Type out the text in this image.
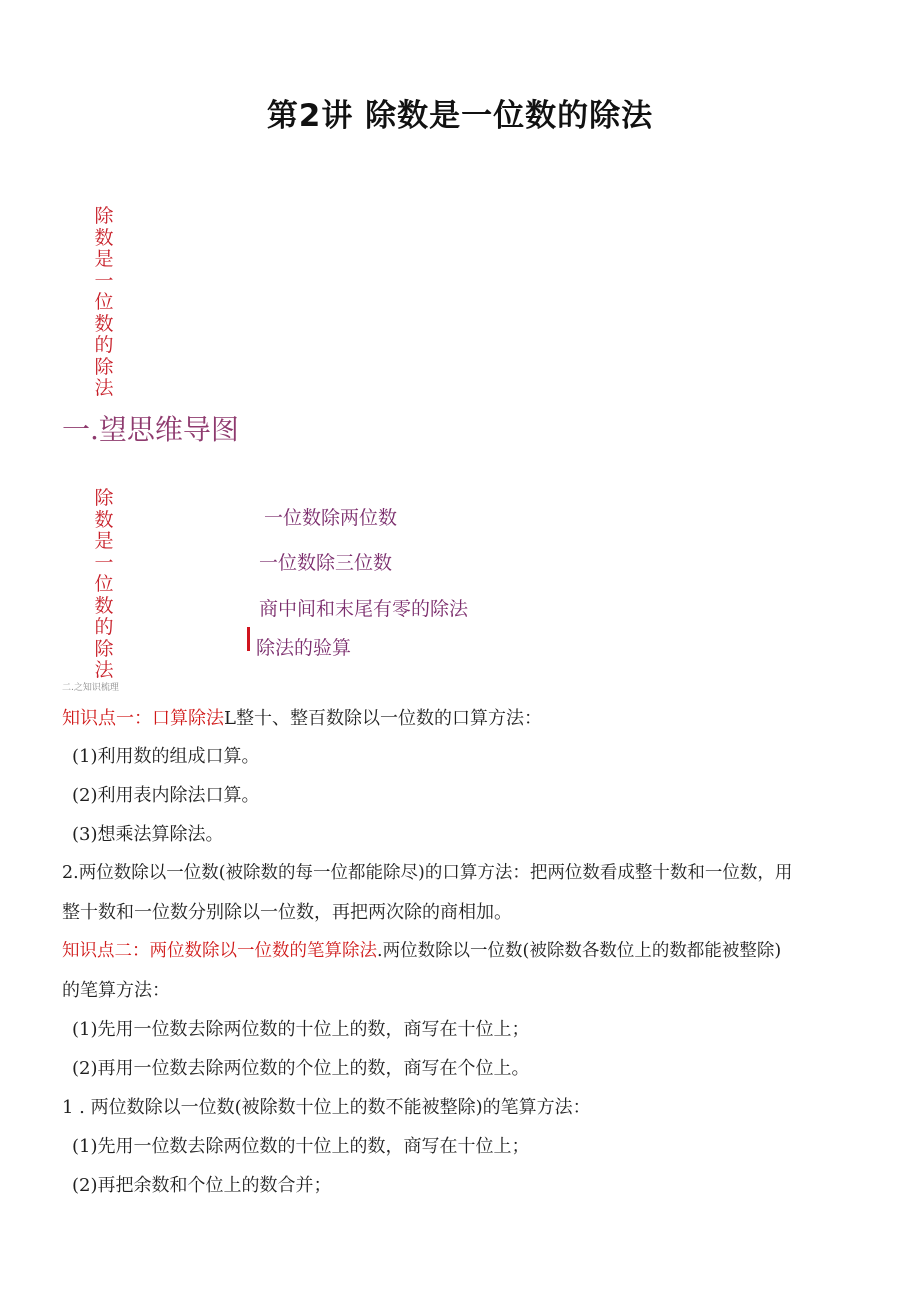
第2讲 除数是一位数的除法
除
数
是
一
位
数
的
除
法
一.望思维导图
除
数
是
一
位
数
的
除
法
一位数除两位数
一位数除三位数
商中间和末尾有零的除法
除法的验算
二.之知识梳理
知识点一：口算除法L整十、整百数除以一位数的口算方法：
(1)利用数的组成口算。
(2)利用表内除法口算。
(3)想乘法算除法。
2.两位数除以一位数(被除数的每一位都能除尽)的口算方法：把两位数看成整十数和一位数，用
整十数和一位数分别除以一位数，再把两次除的商相加。
知识点二：两位数除以一位数的笔算除法.两位数除以一位数(被除数各数位上的数都能被整除)
的笔算方法：
(1)先用一位数去除两位数的十位上的数，商写在十位上；
(2)再用一位数去除两位数的个位上的数，商写在个位上。
1 . 两位数除以一位数(被除数十位上的数不能被整除)的笔算方法：
(1)先用一位数去除两位数的十位上的数，商写在十位上；
(2)再把余数和个位上的数合并；
